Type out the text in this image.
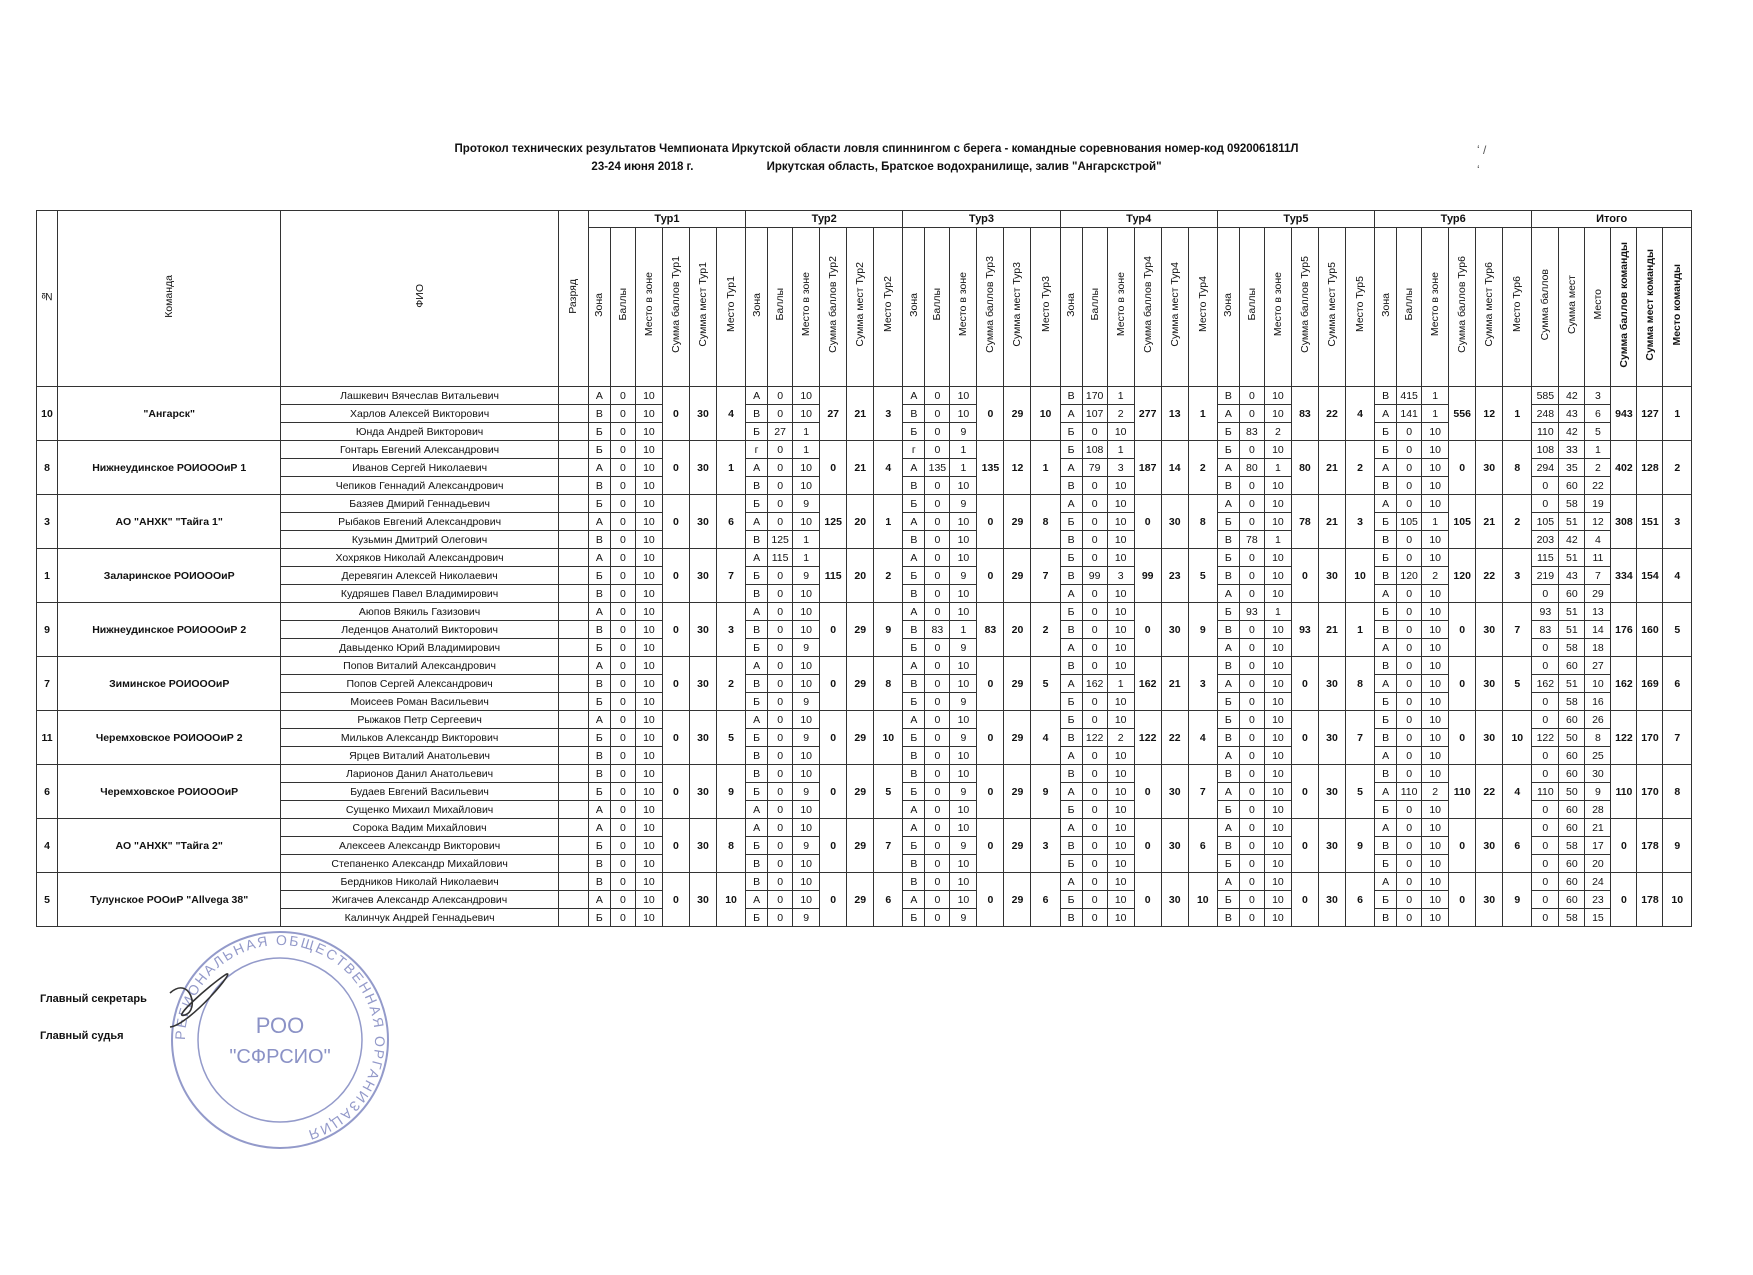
Протокол технических результатов Чемпионата Иркутской области ловля спиннингом с берега - командные соревнования номер-код 0920061811Л
23-24 июня 2018 г.	Иркутская область, Братское водохранилище, залив "Ангарскстрой"
ʻ /
ʻ
№	Команда	ФИО	Разряд	Тур1						Тур2						Тур3						Тур4						Тур5						Тур6						Итого					
				Зона	Баллы	Место в зоне	Сумма баллов Тур1	Сумма мест Тур1	Место Тур1	Зона	Баллы	Место в зоне	Сумма баллов Тур2	Сумма мест Тур2	Место Тур2	Зона	Баллы	Место в зоне	Сумма баллов Тур3	Сумма мест Тур3	Место Тур3	Зона	Баллы	Место в зоне	Сумма баллов Тур4	Сумма мест Тур4	Место Тур4	Зона	Баллы	Место в зоне	Сумма баллов Тур5	Сумма мест Тур5	Место Тур5	Зона	Баллы	Место в зоне	Сумма баллов Тур6	Сумма мест Тур6	Место Тур6	Сумма баллов	Сумма мест	Место	Сумма баллов команды	Сумма мест команды	Место команды
10	"Ангарск"	Лашкевич Вячеслав Витальевич		А	0	10	0	30	4	А	0	10	27	21	3	А	0	10	0	29	10	В	170	1	277	13	1	В	0	10	83	22	4	В	415	1	556	12	1	585	42	3	943	127	1
		Харлов Алексей Викторович		В	0	10				В	0	10				В	0	10				А	107	2				А	0	10				А	141	1				248	43	6			
		Юнда Андрей Викторович		Б	0	10				Б	27	1				Б	0	9				Б	0	10				Б	83	2				Б	0	10				110	42	5			
8	Нижнеудинское РОИОООиР 1	Гонтарь Евгений Александрович		Б	0	10	0	30	1	г	0	1	0	21	4	г	0	1	135	12	1	Б	108	1	187	14	2	Б	0	10	80	21	2	Б	0	10	0	30	8	108	33	1	402	128	2
		Иванов Сергей Николаевич		А	0	10				А	0	10				А	135	1				А	79	3				А	80	1				А	0	10				294	35	2			
		Чепиков Геннадий Александрович		В	0	10				В	0	10				В	0	10				В	0	10				В	0	10				В	0	10				0	60	22			
3	АО "АНХК" "Тайга 1"	Базяев Дмирий Геннадьевич		Б	0	10	0	30	6	Б	0	9	125	20	1	Б	0	9	0	29	8	А	0	10	0	30	8	А	0	10	78	21	3	А	0	10	105	21	2	0	58	19	308	151	3
		Рыбаков Евгений Александрович		А	0	10				А	0	10				А	0	10				Б	0	10				Б	0	10				Б	105	1				105	51	12			
		Кузьмин Дмитрий Олегович		В	0	10				В	125	1				В	0	10				В	0	10				В	78	1				В	0	10				203	42	4			
1	Заларинское РОИОООиР	Хохряков Николай Александрович		А	0	10	0	30	7	А	115	1	115	20	2	А	0	10	0	29	7	Б	0	10	99	23	5	Б	0	10	0	30	10	Б	0	10	120	22	3	115	51	11	334	154	4
		Деревягин Алексей Николаевич		Б	0	10				Б	0	9				Б	0	9				В	99	3				В	0	10				В	120	2				219	43	7			
		Кудряшев Павел Владимирович		В	0	10				В	0	10				В	0	10				А	0	10				А	0	10				А	0	10				0	60	29			
9	Нижнеудинское РОИОООиР 2	Аюпов Вякиль Газизович		А	0	10	0	30	3	А	0	10	0	29	9	А	0	10	83	20	2	Б	0	10	0	30	9	Б	93	1	93	21	1	Б	0	10	0	30	7	93	51	13	176	160	5
		Леденцов Анатолий Викторович		В	0	10				В	0	10				В	83	1				В	0	10				В	0	10				В	0	10				83	51	14			
		Давыденко Юрий Владимирович		Б	0	10				Б	0	9				Б	0	9				А	0	10				А	0	10				А	0	10				0	58	18			
7	Зиминское РОИОООиР	Попов Виталий Александрович		А	0	10	0	30	2	А	0	10	0	29	8	А	0	10	0	29	5	В	0	10	162	21	3	В	0	10	0	30	8	В	0	10	0	30	5	0	60	27	162	169	6
		Попов Сергей Александрович		В	0	10				В	0	10				В	0	10				А	162	1				А	0	10				А	0	10				162	51	10			
		Моисеев Роман Васильевич		Б	0	10				Б	0	9				Б	0	9				Б	0	10				Б	0	10				Б	0	10				0	58	16			
11	Черемховское РОИОООиР 2	Рыжаков Петр Сергеевич		А	0	10	0	30	5	А	0	10	0	29	10	А	0	10	0	29	4	Б	0	10	122	22	4	Б	0	10	0	30	7	Б	0	10	0	30	10	0	60	26	122	170	7
		Мильков Александр Викторович		Б	0	10				Б	0	9				Б	0	9				В	122	2				В	0	10				В	0	10				122	50	8			
		Ярцев Виталий Анатольевич		В	0	10				В	0	10				В	0	10				А	0	10				А	0	10				А	0	10				0	60	25			
6	Черемховское РОИОООиР	Ларионов Данил Анатольевич		В	0	10	0	30	9	В	0	10	0	29	5	В	0	10	0	29	9	В	0	10	0	30	7	В	0	10	0	30	5	В	0	10	110	22	4	0	60	30	110	170	8
		Будаев Евгений Васильевич		Б	0	10				Б	0	9				Б	0	9				А	0	10				А	0	10				А	110	2				110	50	9			
		Сущенко Михаил Михайлович		А	0	10				А	0	10				А	0	10				Б	0	10				Б	0	10				Б	0	10				0	60	28			
4	АО "АНХК" "Тайга 2"	Сорока Вадим Михайлович		А	0	10	0	30	8	А	0	10	0	29	7	А	0	10	0	29	3	А	0	10	0	30	6	А	0	10	0	30	9	А	0	10	0	30	6	0	60	21	0	178	9
		Алексеев Александр Викторович		Б	0	10				Б	0	9				Б	0	9				В	0	10				В	0	10				В	0	10				0	58	17			
		Степаненко Александр Михайлович		В	0	10				В	0	10				В	0	10				Б	0	10				Б	0	10				Б	0	10				0	60	20			
5	Тулунское РООиР "Allvega 38"	Бердников Николай Николаевич		В	0	10	0	30	10	В	0	10	0	29	6	В	0	10	0	29	6	А	0	10	0	30	10	А	0	10	0	30	6	А	0	10	0	30	9	0	60	24	0	178	10
		Жигачев Александр Александрович		А	0	10				А	0	10				А	0	10				Б	0	10				Б	0	10				Б	0	10				0	60	23			
		Калинчук Андрей Геннадьевич		Б	0	10				Б	0	9				Б	0	9				В	0	10				В	0	10				В	0	10				0	58	15			
Главный секретарь
Главный судья	РЕГИОНАЛЬНАЯ ОБЩЕСТВЕННАЯ ОРГАНИЗАЦИЯ
РОО
"СФРСИО"
